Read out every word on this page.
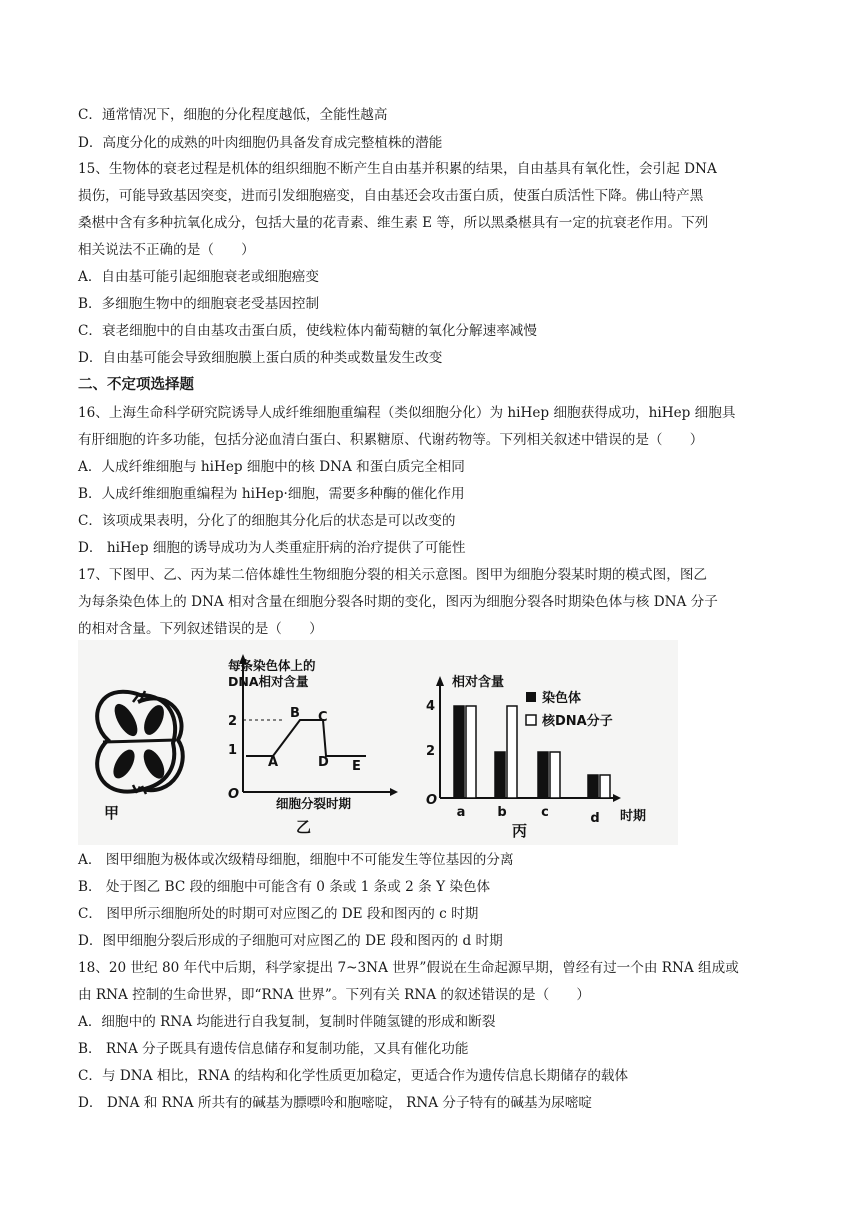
C．通常情况下，细胞的分化程度越低，全能性越高
D．高度分化的成熟的叶肉细胞仍具备发育成完整植株的潜能
15、生物体的衰老过程是机体的组织细胞不断产生自由基并积累的结果，自由基具有氧化性，会引起 DNA
损伤，可能导致基因突变，进而引发细胞癌变，自由基还会攻击蛋白质，使蛋白质活性下降。佛山特产黑
桑椹中含有多种抗氧化成分，包括大量的花青素、维生素 E 等，所以黑桑椹具有一定的抗衰老作用。下列
相关说法不正确的是（　　）
A．自由基可能引起细胞衰老或细胞癌变
B．多细胞生物中的细胞衰老受基因控制
C．衰老细胞中的自由基攻击蛋白质，使线粒体内葡萄糖的氧化分解速率减慢
D．自由基可能会导致细胞膜上蛋白质的种类或数量发生改变
二、不定项选择题
16、上海生命科学研究院诱导人成纤维细胞重编程（类似细胞分化）为 hiHep 细胞获得成功，hiHep 细胞具
有肝细胞的许多功能，包括分泌血清白蛋白、积累糖原、代谢药物等。下列相关叙述中错误的是（　　）
A．人成纤维细胞与 hiHep 细胞中的核 DNA 和蛋白质完全相同
B．人成纤维细胞重编程为 hiHep·细胞，需要多种酶的催化作用
C．该项成果表明，分化了的细胞其分化后的状态是可以改变的
D． hiHep 细胞的诱导成功为人类重症肝病的治疗提供了可能性
17、下图甲、乙、丙为某二倍体雄性生物细胞分裂的相关示意图。图甲为细胞分裂某时期的模式图，图乙
为每条染色体上的 DNA 相对含量在细胞分裂各时期的变化，图丙为细胞分裂各时期染色体与核 DNA 分子
的相对含量。下列叙述错误的是（　　）
甲
每条染色体上的
DNA相对含量
2
1
O
A
B C
D E
细胞分裂时期
乙
相对含量
4
2
O
a b	c	d 时期
丙
染色体
核DNA分子
A． 图甲细胞为极体或次级精母细胞，细胞中不可能发生等位基因的分离
B． 处于图乙 BC 段的细胞中可能含有 0 条或 1 条或 2 条 Y 染色体
C． 图甲所示细胞所处的时期可对应图乙的 DE 段和图丙的 c 时期
D．图甲细胞分裂后形成的子细胞可对应图乙的 DE 段和图丙的 d 时期
18、20 世纪 80 年代中后期，科学家提出 7~3NA 世界”假说在生命起源早期，曾经有过一个由 RNA 组成或
由 RNA 控制的生命世界，即“RNA 世界”。下列有关 RNA 的叙述错误的是（　　）
A．细胞中的 RNA 均能进行自我复制，复制时伴随氢键的形成和断裂
B． RNA 分子既具有遗传信息储存和复制功能，又具有催化功能
C．与 DNA 相比，RNA 的结构和化学性质更加稳定，更适合作为遗传信息长期储存的载体
D． DNA 和 RNA 所共有的碱基为膘嘌呤和胞嘧啶， RNA 分子特有的碱基为尿嘧啶
